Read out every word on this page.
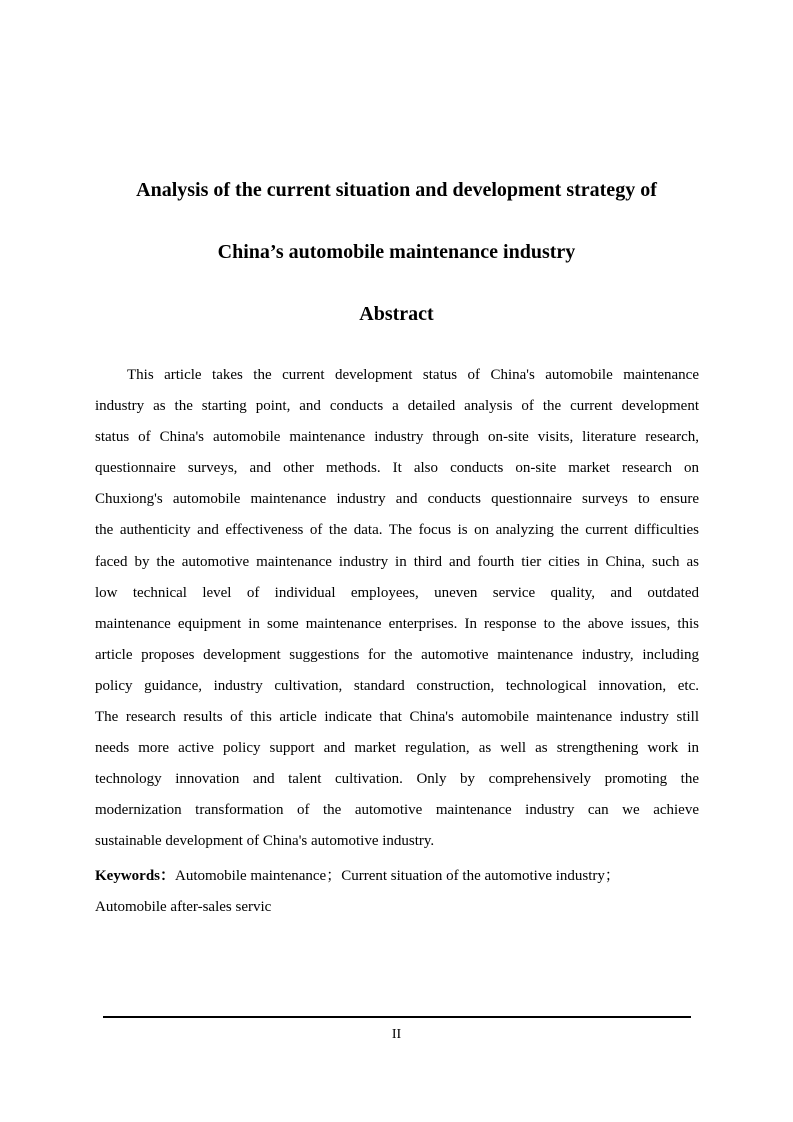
Analysis of the current situation and development strategy of
China’s automobile maintenance industry
Abstract
This article takes the current development status of China's automobile maintenance
industry as the starting point, and conducts a detailed analysis of the current development
status of China's automobile maintenance industry through on-site visits, literature research,
questionnaire surveys, and other methods. It also conducts on-site market research on
Chuxiong's automobile maintenance industry and conducts questionnaire surveys to ensure
the authenticity and effectiveness of the data. The focus is on analyzing the current difficulties
faced by the automotive maintenance industry in third and fourth tier cities in China, such as
low technical level of individual employees, uneven service quality, and outdated
maintenance equipment in some maintenance enterprises. In response to the above issues, this
article proposes development suggestions for the automotive maintenance industry, including
policy guidance, industry cultivation, standard construction, technological innovation, etc.
The research results of this article indicate that China's automobile maintenance industry still
needs more active policy support and market regulation, as well as strengthening work in
technology innovation and talent cultivation. Only by comprehensively promoting the
modernization transformation of the automotive maintenance industry can we achieve
sustainable development of China's automotive industry.
Keywords：Automobile maintenance；Current situation of the automotive industry；
Automobile after-sales servic
II
